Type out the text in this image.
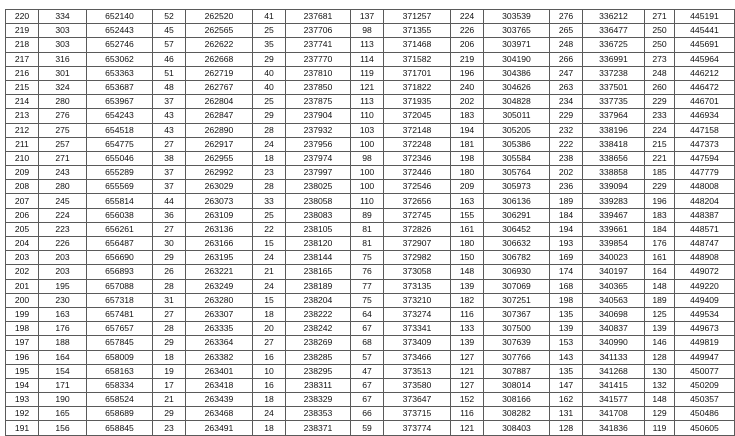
220	334	652140	52	262520	41	237681	137	371257	224	303539	276	336212	271	445191
219	303	652443	45	262565	25	237706	98	371355	226	303765	265	336477	250	445441
218	303	652746	57	262622	35	237741	113	371468	206	303971	248	336725	250	445691
217	316	653062	46	262668	29	237770	114	371582	219	304190	266	336991	273	445964
216	301	653363	51	262719	40	237810	119	371701	196	304386	247	337238	248	446212
215	324	653687	48	262767	40	237850	121	371822	240	304626	263	337501	260	446472
214	280	653967	37	262804	25	237875	113	371935	202	304828	234	337735	229	446701
213	276	654243	43	262847	29	237904	110	372045	183	305011	229	337964	233	446934
212	275	654518	43	262890	28	237932	103	372148	194	305205	232	338196	224	447158
211	257	654775	27	262917	24	237956	100	372248	181	305386	222	338418	215	447373
210	271	655046	38	262955	18	237974	98	372346	198	305584	238	338656	221	447594
209	243	655289	37	262992	23	237997	100	372446	180	305764	202	338858	185	447779
208	280	655569	37	263029	28	238025	100	372546	209	305973	236	339094	229	448008
207	245	655814	44	263073	33	238058	110	372656	163	306136	189	339283	196	448204
206	224	656038	36	263109	25	238083	89	372745	155	306291	184	339467	183	448387
205	223	656261	27	263136	22	238105	81	372826	161	306452	194	339661	184	448571
204	226	656487	30	263166	15	238120	81	372907	180	306632	193	339854	176	448747
203	203	656690	29	263195	24	238144	75	372982	150	306782	169	340023	161	448908
202	203	656893	26	263221	21	238165	76	373058	148	306930	174	340197	164	449072
201	195	657088	28	263249	24	238189	77	373135	139	307069	168	340365	148	449220
200	230	657318	31	263280	15	238204	75	373210	182	307251	198	340563	189	449409
199	163	657481	27	263307	18	238222	64	373274	116	307367	135	340698	125	449534
198	176	657657	28	263335	20	238242	67	373341	133	307500	139	340837	139	449673
197	188	657845	29	263364	27	238269	68	373409	139	307639	153	340990	146	449819
196	164	658009	18	263382	16	238285	57	373466	127	307766	143	341133	128	449947
195	154	658163	19	263401	10	238295	47	373513	121	307887	135	341268	130	450077
194	171	658334	17	263418	16	238311	67	373580	127	308014	147	341415	132	450209
193	190	658524	21	263439	18	238329	67	373647	152	308166	162	341577	148	450357
192	165	658689	29	263468	24	238353	66	373715	116	308282	131	341708	129	450486
191	156	658845	23	263491	18	238371	59	373774	121	308403	128	341836	119	450605
